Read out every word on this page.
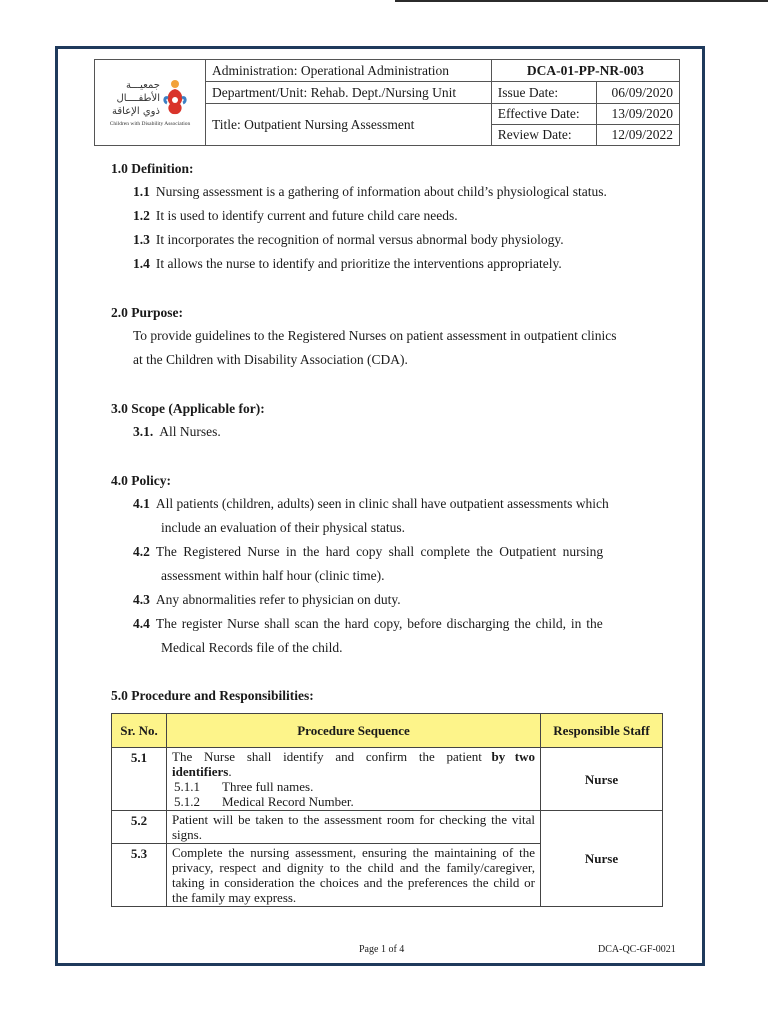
جمعيـــة
الأطفــــال
ذوي الإعاقة
Children with Disability Association	Administration: Operational Administration	DCA-01-PP-NR-003	
	Department/Unit: Rehab. Dept./Nursing Unit	Issue Date:	06/09/2020
	Title: Outpatient Nursing Assessment	Effective Date:	13/09/2020
		Review Date:	12/09/2022
1.0 Definition:
1.1 Nursing assessment is a gathering of information about child’s physiological status.
1.2 It is used to identify current and future child care needs.
1.3 It incorporates the recognition of normal versus abnormal body physiology.
1.4 It allows the nurse to identify and prioritize the interventions appropriately.
2.0 Purpose:
To provide guidelines to the Registered Nurses on patient assessment in outpatient clinics
at the Children with Disability Association (CDA).
3.0 Scope (Applicable for):
3.1. All Nurses.
4.0 Policy:
4.1 All patients (children, adults) seen in clinic shall have outpatient assessments which
include an evaluation of their physical status.
4.2 The Registered Nurse in the hard copy shall complete the Outpatient nursing
assessment within half hour (clinic time).
4.3 Any abnormalities refer to physician on duty.
4.4 The register Nurse shall scan the hard copy, before discharging the child, in the
Medical Records file of the child.
5.0 Procedure and Responsibilities:
Sr. No.	Procedure Sequence	Responsible Staff
5.1	The Nurse shall identify and confirm the patient by two identifiers.
5.1.1 Three full names.
5.1.2 Medical Record Number.	Nurse
5.2	Patient will be taken to the assessment room for checking the vital signs.	Nurse
5.3	Complete the nursing assessment, ensuring the maintaining of the privacy, respect and dignity to the child and the family/caregiver, taking in consideration the choices and the preferences the child or the family may express.	
Page 1 of 4	DCA-QC-GF-0021
